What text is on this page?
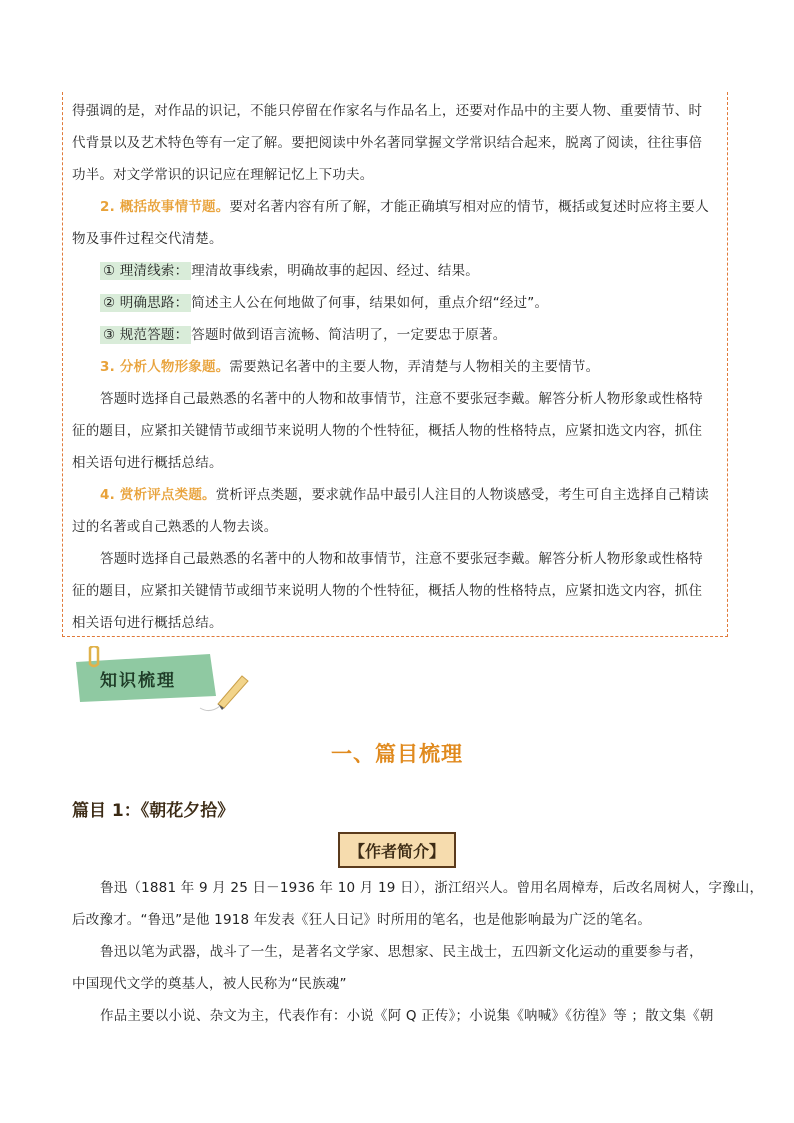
得强调的是，对作品的识记，不能只停留在作家名与作品名上，还要对作品中的主要人物、重要情节、时
代背景以及艺术特色等有一定了解。要把阅读中外名著同掌握文学常识结合起来，脱离了阅读，往往事倍
功半。对文学常识的识记应在理解记忆上下功夫。
2. 概括故事情节题。要对名著内容有所了解，才能正确填写相对应的情节，概括或复述时应将主要人
物及事件过程交代清楚。
① 理清线索： 理清故事线索，明确故事的起因、经过、结果。
② 明确思路： 简述主人公在何地做了何事，结果如何，重点介绍“经过”。
③ 规范答题： 答题时做到语言流畅、简洁明了，一定要忠于原著。
3. 分析人物形象题。需要熟记名著中的主要人物，弄清楚与人物相关的主要情节。
答题时选择自己最熟悉的名著中的人物和故事情节，注意不要张冠李戴。解答分析人物形象或性格特
征的题目，应紧扣关键情节或细节来说明人物的个性特征，概括人物的性格特点，应紧扣选文内容，抓住
相关语句进行概括总结。
4. 赏析评点类题。赏析评点类题，要求就作品中最引人注目的人物谈感受，考生可自主选择自己精读
过的名著或自己熟悉的人物去谈。
答题时选择自己最熟悉的名著中的人物和故事情节，注意不要张冠李戴。解答分析人物形象或性格特
征的题目，应紧扣关键情节或细节来说明人物的个性特征，概括人物的性格特点，应紧扣选文内容，抓住
相关语句进行概括总结。
知识梳理
一、篇目梳理
篇目 1：《朝花夕拾》
【作者简介】
鲁迅（1881 年 9 月 25 日－1936 年 10 月 19 日），浙江绍兴人。曾用名周樟寿，后改名周树人，字豫山，
后改豫才。“鲁迅”是他 1918 年发表《狂人日记》时所用的笔名，也是他影响最为广泛的笔名。
鲁迅以笔为武器，战斗了一生，是著名文学家、思想家、民主战士，五四新文化运动的重要参与者，
中国现代文学的奠基人，被人民称为“民族魂”
作品主要以小说、杂文为主，代表作有：小说《阿 Q 正传》；小说集《呐喊》《彷徨》等 ；散文集《朝
